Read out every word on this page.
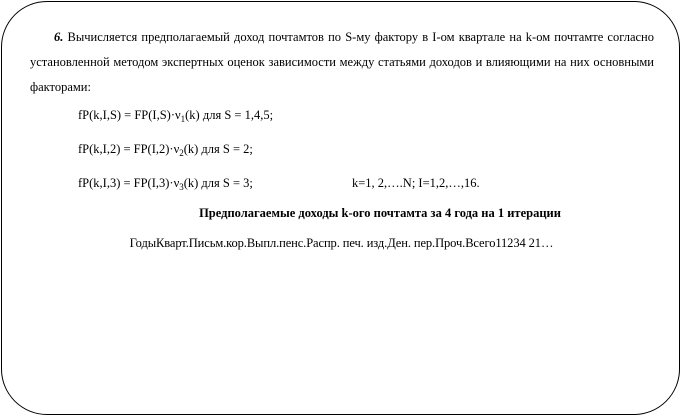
6. Вычисляется предполагаемый доход почтамтов по S-му фактору в I-ом квартале на k-ом почтамте согласно установленной методом экспертных оценок зависимости между статьями доходов и влияющими на них основными факторами:
$fP(k,I,S) = FP(I,S)\cdot\nu_1(k)$ для S = 1,4,5;
$fP(k,I,2) = FP(I,2)\cdot\nu_2(k)$ для S = 2;
$fP(k,I,3) = FP(I,3)\cdot\nu_3(k)$ для S = 3;	k=1, 2,….N; I=1,2,…,16.
Предполагаемые доходы k-ого почтамта за 4 года на 1 итерации
ГодыКварт.Письм.кор.Выпл.пенс.Распр. печ. изд.Ден. пер.Проч.Всего11234 21…
